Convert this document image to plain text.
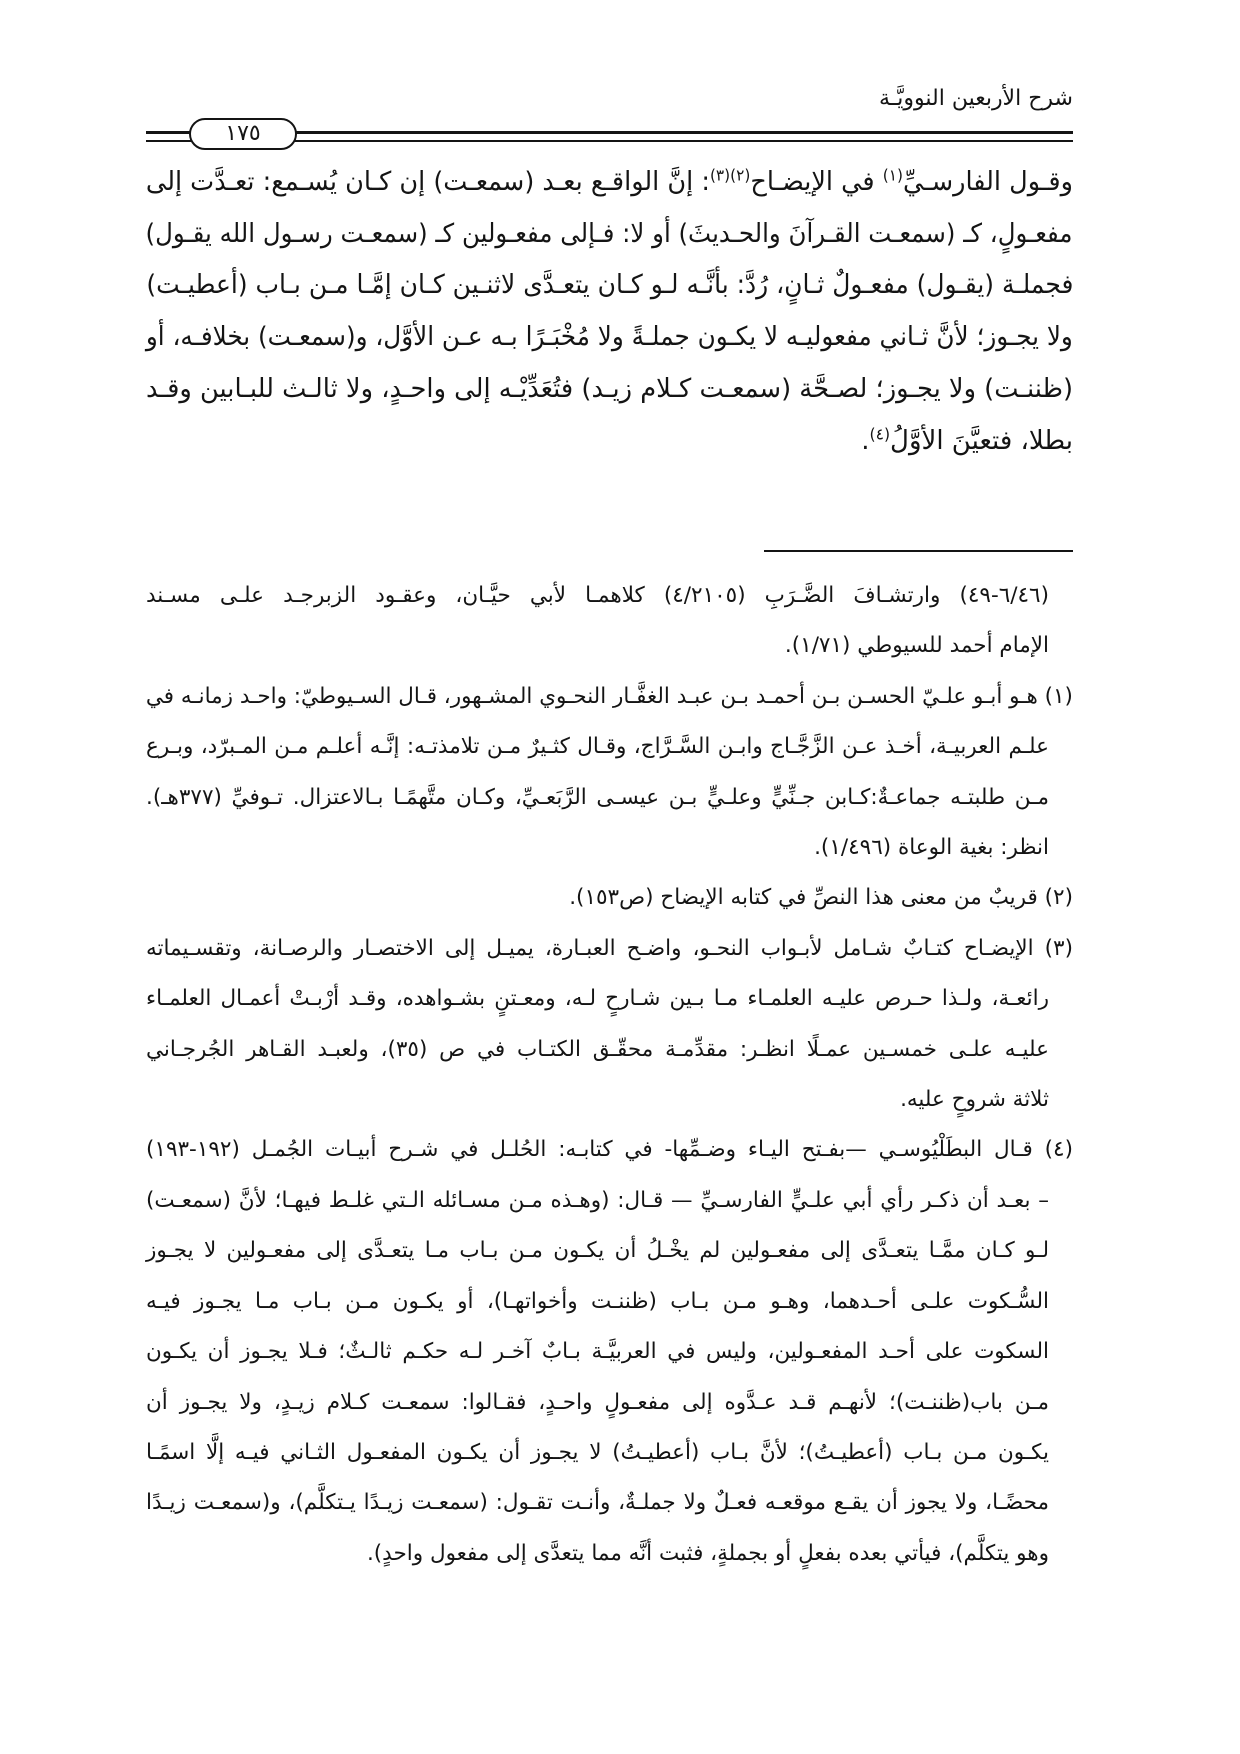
شرح الأربعين النوويَّـة
١٧٥
وقـول الفارسـيِّ$^{(١)}$ في الإيضـاح$^{(٢)(٣)}$: إنَّ الواقـع بعـد (سمعـت) إن كـان يُسـمع: تعـدَّت إلى
مفعـولٍ، كـ (سمعـت القـرآنَ والحـديثَ) أو لا: فـإلى مفعـولين كـ (سمعـت رسـول الله يقـول)
فجملـة (يقـول) مفعـولٌ ثـانٍ، رُدَّ: بأنَّـه لـو كـان يتعـدَّى لاثنـين كـان إمَّـا مـن بـاب (أعطيـت)
ولا يجـوز؛ لأنَّ ثـاني مفعوليـه لا يكـون جملـةً ولا مُخْبَـرًا بـه عـن الأوَّل، و(سمعـت) بخلافـه، أو
(ظننـت) ولا يجـوز؛ لصـحَّة (سمعـت كـلام زيـد) فتُعَدِّيْـه إلى واحـدٍ، ولا ثالـث للبـابين وقـد
بطلا، فتعيَّنَ الأوَّلُ$^{(٤)}$.
(٦/٤٦-٤٩) وارتشـافَ الضَّـرَبِ (٤/٢١٠٥) كلاهمـا لأبي حيَّـان، وعقـود الزبرجـد علـى مسـند
الإمام أحمد للسيوطي (١/٧١).
(١) هـو أبـو علـيّ الحسـن بـن أحمـد بـن عبـد الغفَّـار النحـوي المشـهور، قـال السـيوطيّ: واحـد زمانـه في
علـم العربيـة، أخـذ عـن الزَّجَّـاج وابـن السَّـرَّاج، وقـال كثـيرٌ مـن تلامذتـه: إنَّـه أعلـم مـن المـبرّد، وبـرع
مـن طلبتـه جماعـةٌ:كـابن جـنِّيٍّ وعلـيٍّ بـن عيسـى الرَّبَعـيِّ، وكـان متَّهمًـا بـالاعتزال. تـوفيِّ (٣٧٧هـ).
انظر: بغية الوعاة (١/٤٩٦).
(٢) قريبٌ من معنى هذا النصِّ في كتابه الإيضاح (ص١٥٣).
(٣) الإيضـاح كتـابٌ شـامل لأبـواب النحـو، واضـح العبـارة، يميـل إلى الاختصـار والرصـانة، وتقسـيماته
رائعـة، ولـذا حـرص عليـه العلمـاء مـا بـين شـارحٍ لـه، ومعـتنٍ بشـواهده، وقـد أرْبـتْ أعمـال العلمـاء
عليـه علـى خمسـين عمـلًا انظـر: مقدِّمـة محقّـق الكتـاب في ص (٣٥)، ولعبـد القـاهر الجُرجـاني
ثلاثة شروحٍ عليه.
(٤) قـال البطَلْيُوسـي —بفـتح اليـاء وضـمِّها- في كتابـه: الحُلـل في شـرح أبيـات الجُمـل (١٩٢-١٩٣)
– بعـد أن ذكـر رأي أبي علـيٍّ الفارسـيِّ — قـال: (وهـذه مـن مسـائله الـتي غلـط فيهـا؛ لأنَّ (سمعـت)
لـو كـان ممَّـا يتعـدَّى إلى مفعـولين لم يخْـلُ أن يكـون مـن بـاب مـا يتعـدَّى إلى مفعـولين لا يجـوز
السُّـكوت علـى أحـدهما، وهـو مـن بـاب (ظننـت وأخواتهـا)، أو يكـون مـن بـاب مـا يجـوز فيـه
السكوت على أحـد المفعـولين، وليس في العربيَّـة بـابٌ آخـر لـه حكـم ثالـثٌ؛ فـلا يجـوز أن يكـون
مـن باب(ظننـت)؛ لأنهـم قـد عـدَّوه إلى مفعـولٍ واحـدٍ، فقـالوا: سمعـت كـلام زيـدٍ، ولا يجـوز أن
يكـون مـن بـاب (أعطيـتُ)؛ لأنَّ بـاب (أعطيـتُ) لا يجـوز أن يكـون المفعـول الثـاني فيـه إلَّا اسمًـا
محضًـا، ولا يجوز أن يقـع موقعـه فعـلٌ ولا جملـةٌ، وأنـت تقـول: (سمعـت زيـدًا يـتكلَّم)، و(سمعـت زيـدًا
وهو يتكلَّم)، فيأتي بعده بفعلٍ أو بجملةٍ، فثبت أنَّه مما يتعدَّى إلى مفعول واحدٍ).
